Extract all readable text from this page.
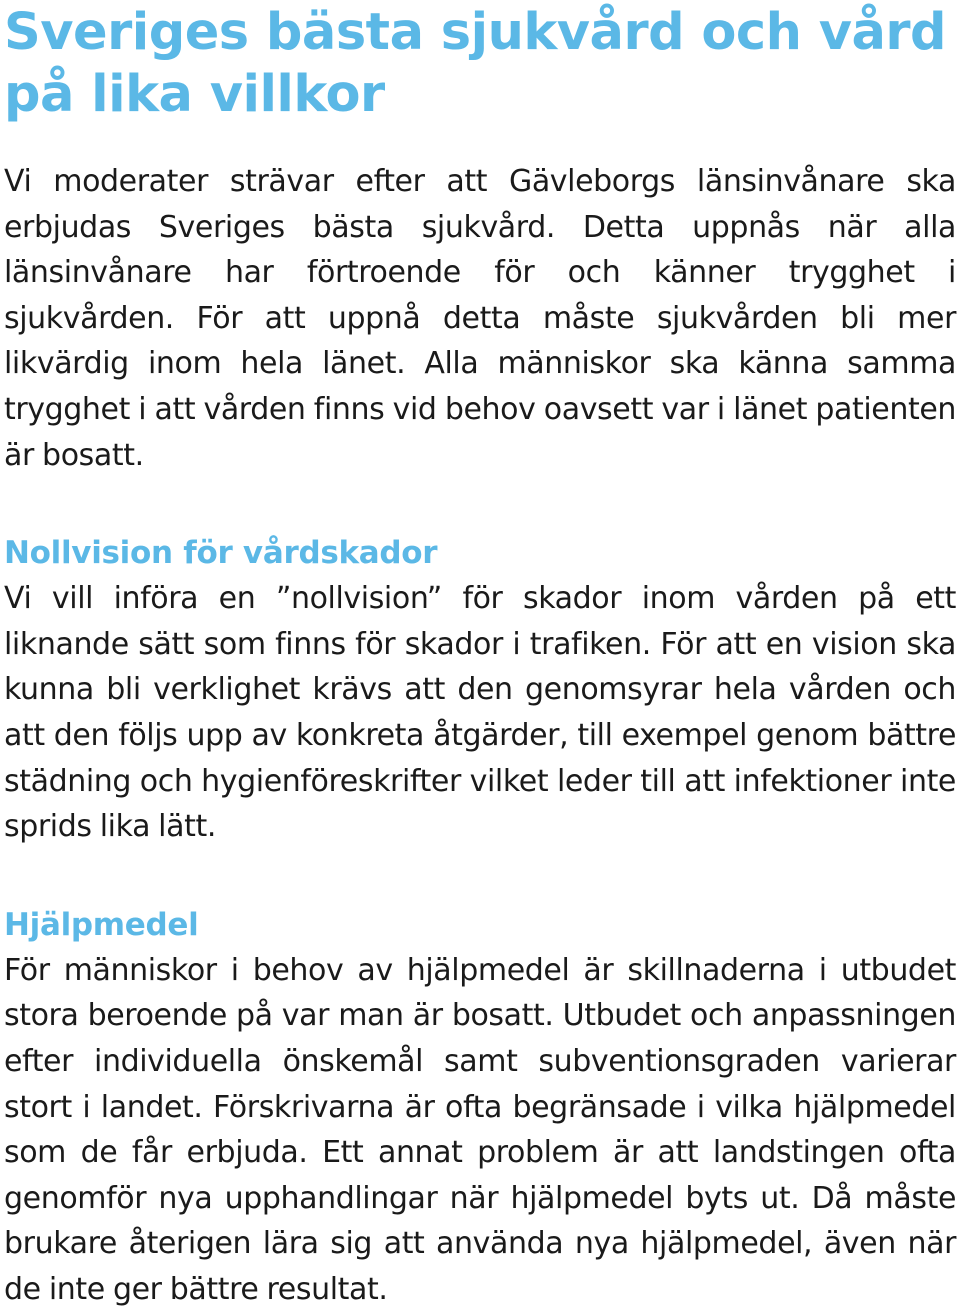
Sveriges bästa sjukvård och vård på lika villkor

Vi moderater strävar efter att Gävleborgs länsinvånare ska erbjudas Sveriges bästa sjukvård. Detta uppnås när alla länsinvånare har förtroende för och känner trygghet i sjukvården. För att uppnå detta måste sjukvården bli mer likvärdig inom hela länet. Alla människor ska känna samma trygghet i att vården finns vid behov oavsett var i länet patienten är bosatt.

Nollvision för vårdskador

Vi vill införa en ”nollvision” för skador inom vården på ett liknande sätt som finns för skador i trafiken. För att en vision ska kunna bli verklighet krävs att den genomsyrar hela vården och att den följs upp av konkreta åtgärder, till exempel genom bättre städning och hygienföreskrifter vilket leder till att infektioner inte sprids lika lätt.

Hjälpmedel

För människor i behov av hjälpmedel är skillnaderna i utbudet stora beroende på var man är bosatt. Utbudet och anpassningen efter individuella önskemål samt subventionsgraden varierar stort i landet. Förskrivarna är ofta begränsade i vilka hjälpmedel som de får erbjuda. Ett annat problem är att landstingen ofta genomför nya upphandlingar när hjälpmedel byts ut. Då måste brukare återigen lära sig att använda nya hjälpmedel, även när de inte ger bättre resultat.
